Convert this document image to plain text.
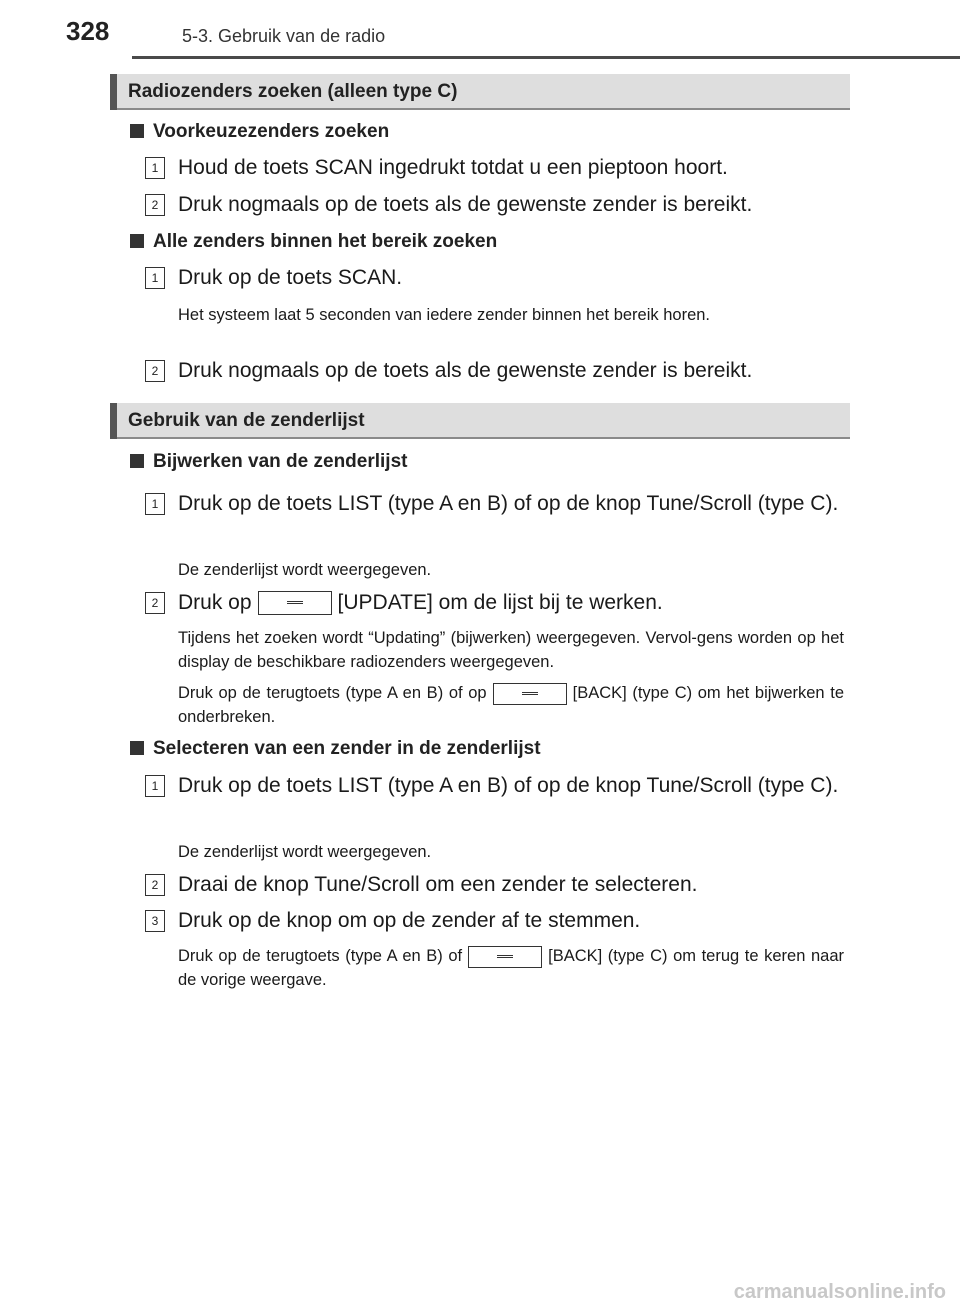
328	5-3. Gebruik van de radio
Radiozenders zoeken (alleen type C)
Voorkeuzezenders zoeken
1 Houd de toets SCAN ingedrukt totdat u een pieptoon hoort.
2 Druk nogmaals op de toets als de gewenste zender is bereikt.
Alle zenders binnen het bereik zoeken
1 Druk op de toets SCAN.
Het systeem laat 5 seconden van iedere zender binnen het bereik horen.
2 Druk nogmaals op de toets als de gewenste zender is bereikt.
Gebruik van de zenderlijst
Bijwerken van de zenderlijst
1 Druk op de toets LIST (type A en B) of op de knop Tune/Scroll (type C).
De zenderlijst wordt weergegeven.
2 Druk op	[UPDATE] om de lijst bij te werken.
Tijdens het zoeken wordt “Updating” (bijwerken) weergegeven. Vervol-gens worden op het display de beschikbare radiozenders weergegeven.
Druk op de terugtoets (type A en B) of op	[BACK] (type C) om het bijwerken te onderbreken.
Selecteren van een zender in de zenderlijst
1 Druk op de toets LIST (type A en B) of op de knop Tune/Scroll (type C).
De zenderlijst wordt weergegeven.
2 Draai de knop Tune/Scroll om een zender te selecteren.
3 Druk op de knop om op de zender af te stemmen.
Druk op de terugtoets (type A en B) of	[BACK] (type C) om terug te keren naar de vorige weergave.
carmanualsonline.info
